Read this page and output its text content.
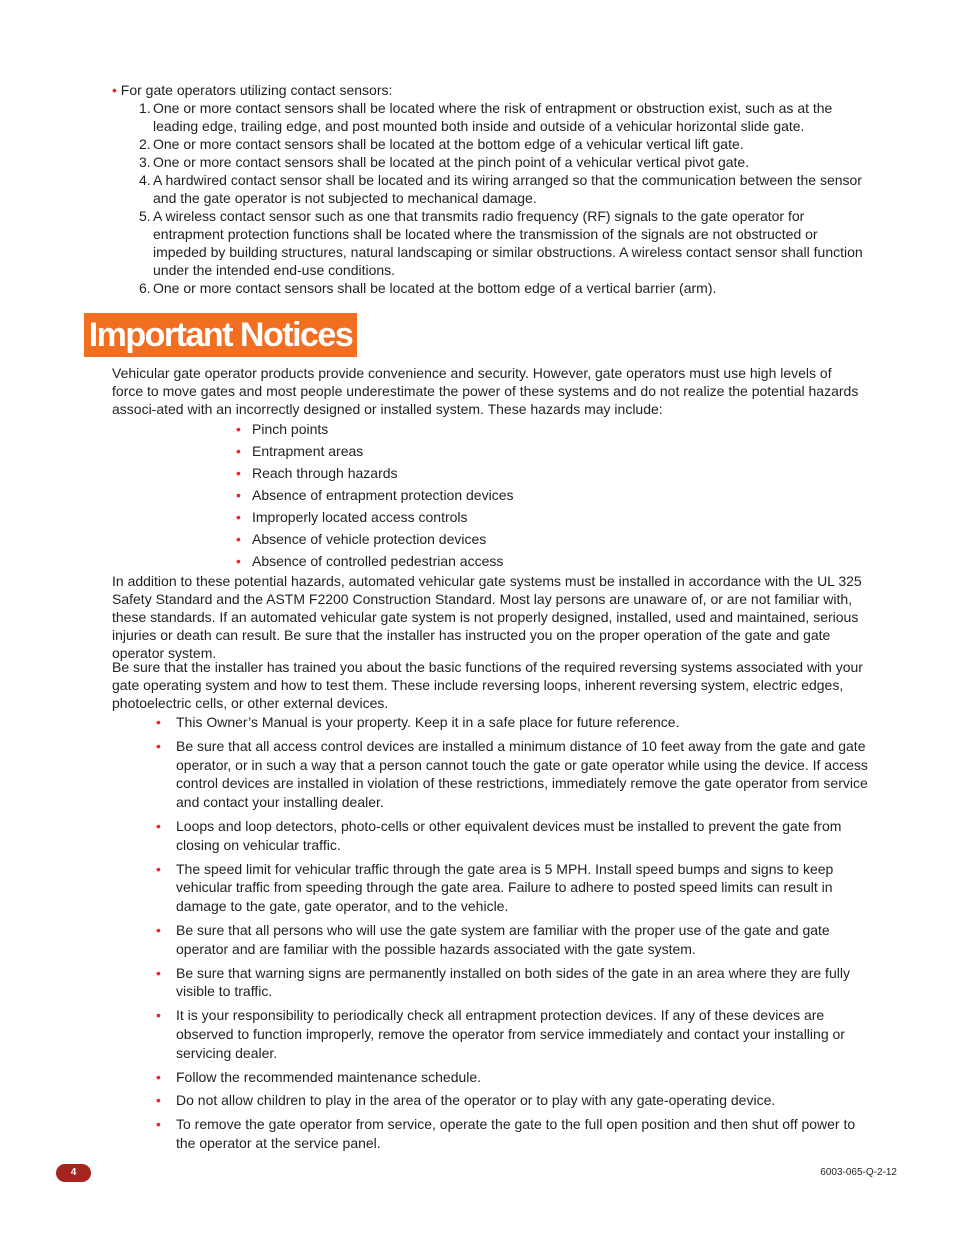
• For gate operators utilizing contact sensors:
1. One or more contact sensors shall be located where the risk of entrapment or obstruction exist, such as at the leading edge, trailing edge, and post mounted both inside and outside of a vehicular horizontal slide gate.
2. One or more contact sensors shall be located at the bottom edge of a vehicular vertical lift gate.
3. One or more contact sensors shall be located at the pinch point of a vehicular vertical pivot gate.
4. A hardwired contact sensor shall be located and its wiring arranged so that the communication between the sensor and the gate operator is not subjected to mechanical damage.
5. A wireless contact sensor such as one that transmits radio frequency (RF) signals to the gate operator for entrapment protection functions shall be located where the transmission of the signals are not obstructed or impeded by building structures, natural landscaping or similar obstructions. A wireless contact sensor shall function under the intended end-use conditions.
6. One or more contact sensors shall be located at the bottom edge of a vertical barrier (arm).
Important Notices

Vehicular gate operator products provide convenience and security. However, gate operators must use high levels of force to move gates and most people underestimate the power of these systems and do not realize the potential hazards associ-ated with an incorrectly designed or installed system. These hazards may include:

• Pinch points
• Entrapment areas
• Reach through hazards
• Absence of entrapment protection devices
• Improperly located access controls
• Absence of vehicle protection devices
• Absence of controlled pedestrian access

In addition to these potential hazards, automated vehicular gate systems must be installed in accordance with the UL 325 Safety Standard and the ASTM F2200 Construction Standard. Most lay persons are unaware of, or are not familiar with, these standards. If an automated vehicular gate system is not properly designed, installed, used and maintained, serious injuries or death can result. Be sure that the installer has instructed you on the proper operation of the gate and gate operator system.

Be sure that the installer has trained you about the basic functions of the required reversing systems associated with your gate operating system and how to test them. These include reversing loops, inherent reversing system, electric edges, photoelectric cells, or other external devices.

• This Owner’s Manual is your property. Keep it in a safe place for future reference.
• Be sure that all access control devices are installed a minimum distance of 10 feet away from the gate and gate operator, or in such a way that a person cannot touch the gate or gate operator while using the device. If access control devices are installed in violation of these restrictions, immediately remove the gate operator from service and contact your installing dealer.
• Loops and loop detectors, photo-cells or other equivalent devices must be installed to prevent the gate from closing on vehicular traffic.
• The speed limit for vehicular traffic through the gate area is 5 MPH. Install speed bumps and signs to keep vehicular traffic from speeding through the gate area. Failure to adhere to posted speed limits can result in damage to the gate, gate operator, and to the vehicle.
• Be sure that all persons who will use the gate system are familiar with the proper use of the gate and gate operator and are familiar with the possible hazards associated with the gate system.
• Be sure that warning signs are permanently installed on both sides of the gate in an area where they are fully visible to traffic.
• It is your responsibility to periodically check all entrapment protection devices. If any of these devices are observed to function improperly, remove the operator from service immediately and contact your installing or servicing dealer.
• Follow the recommended maintenance schedule.
• Do not allow children to play in the area of the operator or to play with any gate-operating device.
• To remove the gate operator from service, operate the gate to the full open position and then shut off power to the operator at the service panel.
4	6003-065-Q-2-12
